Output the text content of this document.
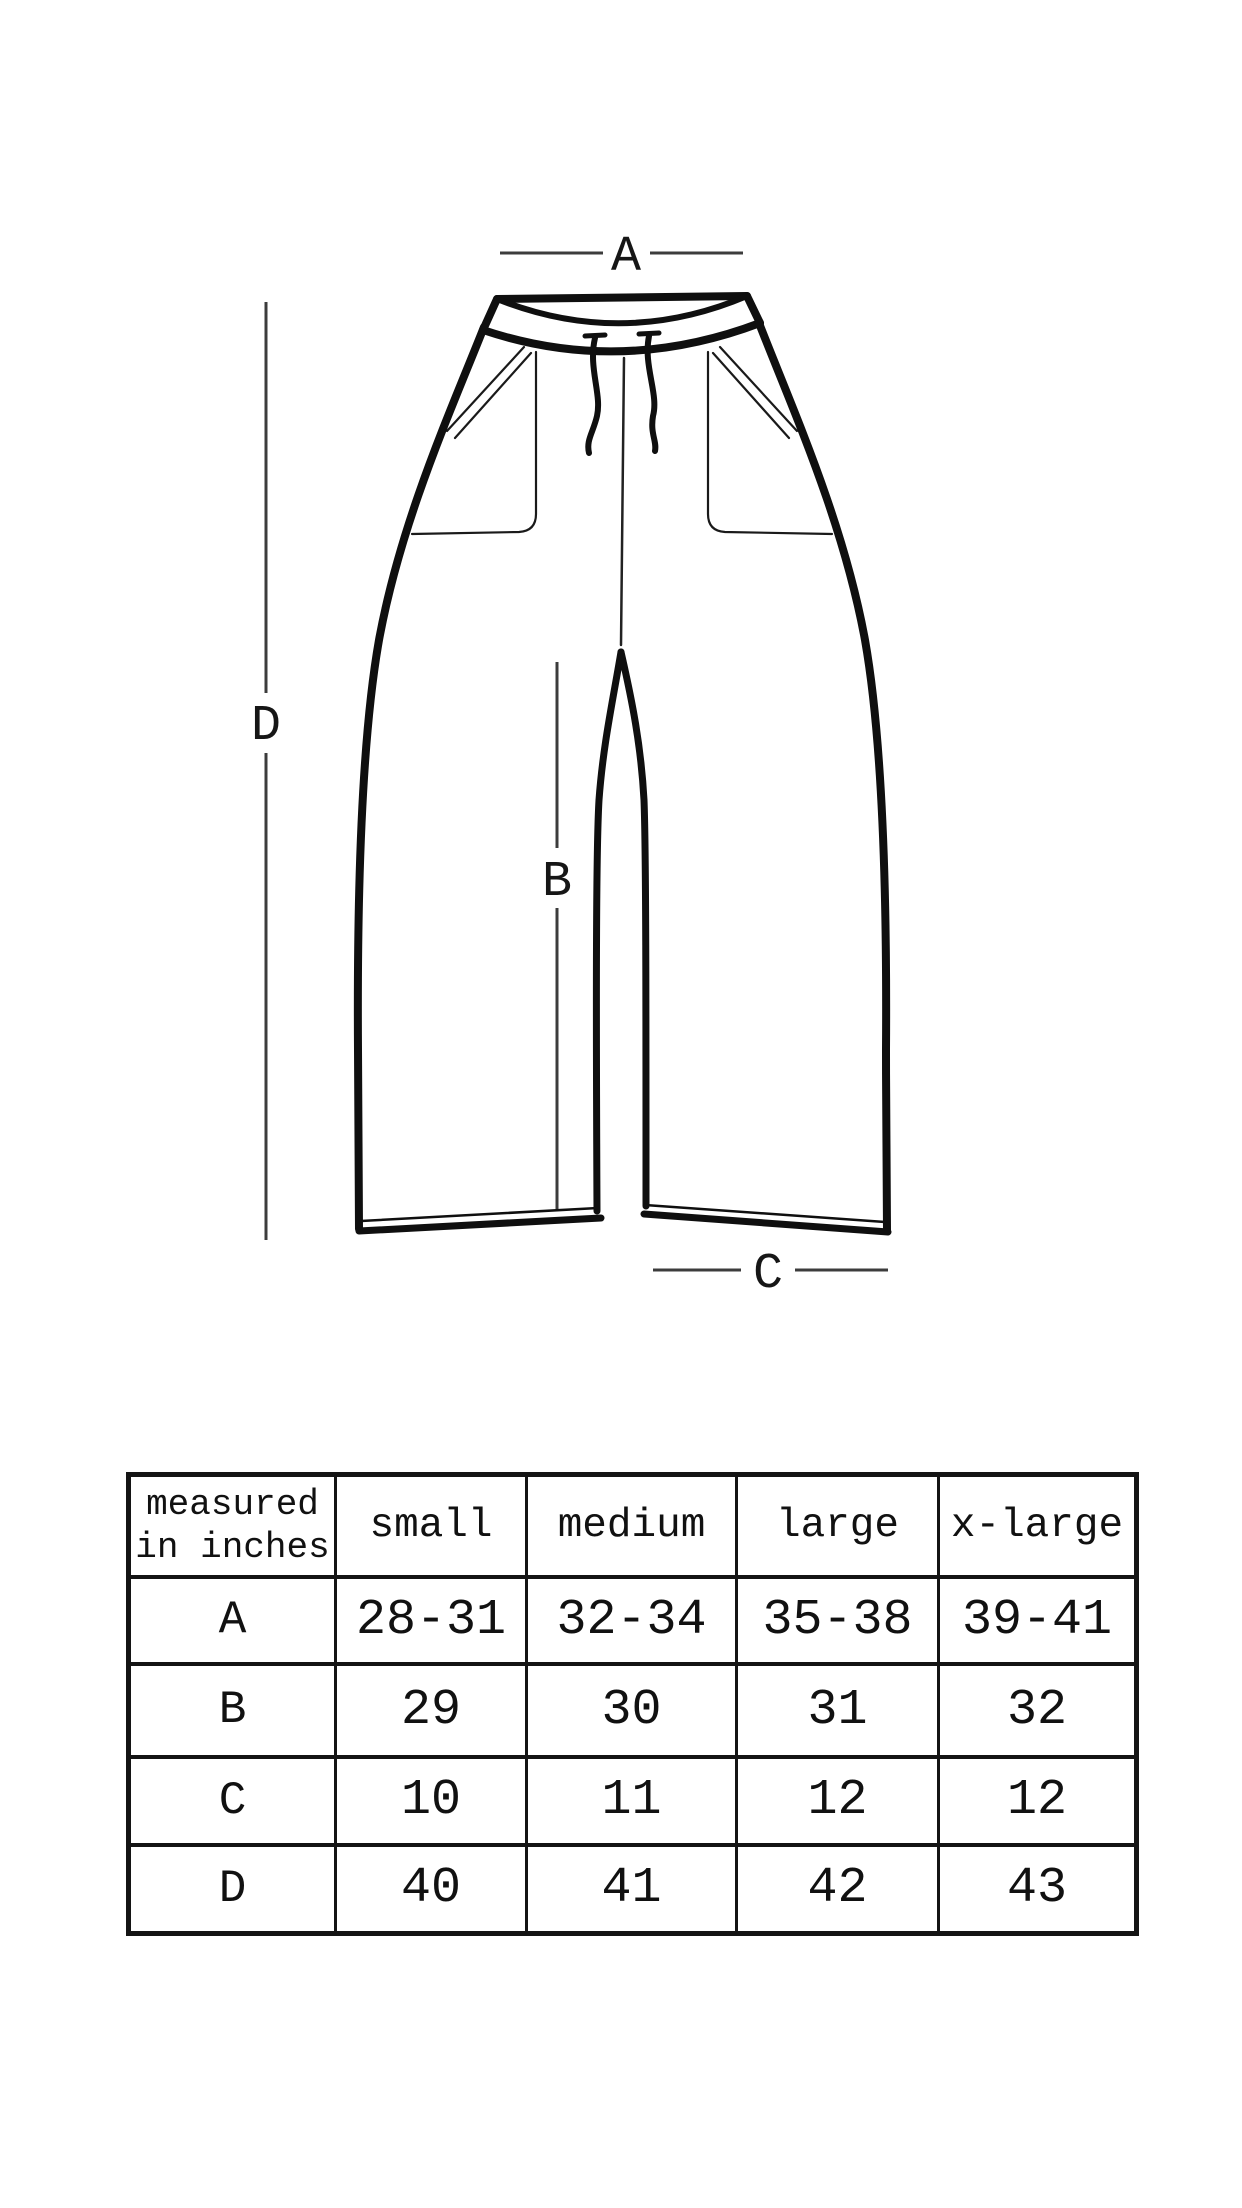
A
D
B
C
measured
in inches	small	medium	large	x-large
A	28-31	32-34	35-38	39-41
B	29	30	31	32
C	10	11	12	12
D	40	41	42	43
